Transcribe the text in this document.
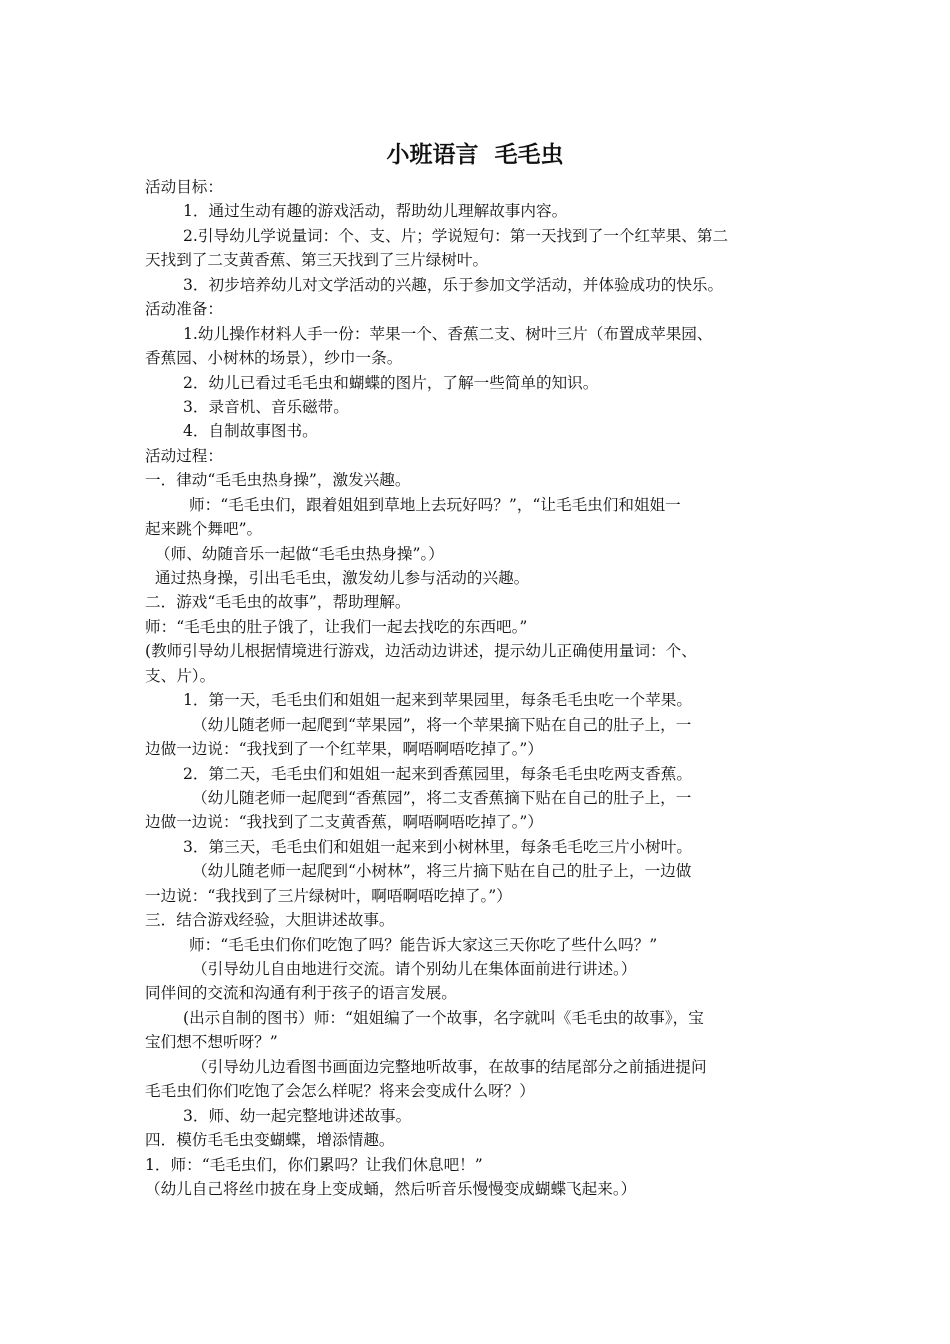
小班语言  毛毛虫
活动目标：
1．通过生动有趣的游戏活动，帮助幼儿理解故事内容。
2.引导幼儿学说量词：个、支、片；学说短句：第一天找到了一个红苹果、第二
天找到了二支黄香蕉、第三天找到了三片绿树叶。
3．初步培养幼儿对文学活动的兴趣，乐于参加文学活动，并体验成功的快乐。
活动准备：
1.幼儿操作材料人手一份：苹果一个、香蕉二支、树叶三片（布置成苹果园、
香蕉园、小树林的场景），纱巾一条。
2．幼儿已看过毛毛虫和蝴蝶的图片，了解一些简单的知识。
3．录音机、音乐磁带。
4．自制故事图书。
活动过程：
一．律动“毛毛虫热身操”，激发兴趣。
师：“毛毛虫们，跟着姐姐到草地上去玩好吗？”，“让毛毛虫们和姐姐一
起来跳个舞吧”。
（师、幼随音乐一起做“毛毛虫热身操”。）
通过热身操，引出毛毛虫，激发幼儿参与活动的兴趣。
二．游戏“毛毛虫的故事”，帮助理解。
师：“毛毛虫的肚子饿了，让我们一起去找吃的东西吧。”
(教师引导幼儿根据情境进行游戏，边活动边讲述，提示幼儿正确使用量词：个、
支、片）。
1．第一天，毛毛虫们和姐姐一起来到苹果园里，每条毛毛虫吃一个苹果。
（幼儿随老师一起爬到“苹果园”，将一个苹果摘下贴在自己的肚子上，一
边做一边说：“我找到了一个红苹果，啊唔啊唔吃掉了。”）
2．第二天，毛毛虫们和姐姐一起来到香蕉园里，每条毛毛虫吃两支香蕉。
（幼儿随老师一起爬到“香蕉园”，将二支香蕉摘下贴在自己的肚子上，一
边做一边说：“我找到了二支黄香蕉，啊唔啊唔吃掉了。”）
3．第三天，毛毛虫们和姐姐一起来到小树林里，每条毛毛吃三片小树叶。
（幼儿随老师一起爬到“小树林”，将三片摘下贴在自己的肚子上，一边做
一边说：“我找到了三片绿树叶，啊唔啊唔吃掉了。”）
三．结合游戏经验，大胆讲述故事。
师：“毛毛虫们你们吃饱了吗？能告诉大家这三天你吃了些什么吗？”
（引导幼儿自由地进行交流。请个别幼儿在集体面前进行讲述。）
同伴间的交流和沟通有利于孩子的语言发展。
(出示自制的图书）师：“姐姐编了一个故事，名字就叫《毛毛虫的故事》，宝
宝们想不想听呀？”
（引导幼儿边看图书画面边完整地听故事，在故事的结尾部分之前插进提问
毛毛虫们你们吃饱了会怎么样呢？将来会变成什么呀？）
3．师、幼一起完整地讲述故事。
四．模仿毛毛虫变蝴蝶，增添情趣。
1．师：“毛毛虫们，你们累吗？让我们休息吧！”
（幼儿自己将丝巾披在身上变成蛹，然后听音乐慢慢变成蝴蝶飞起来。）
